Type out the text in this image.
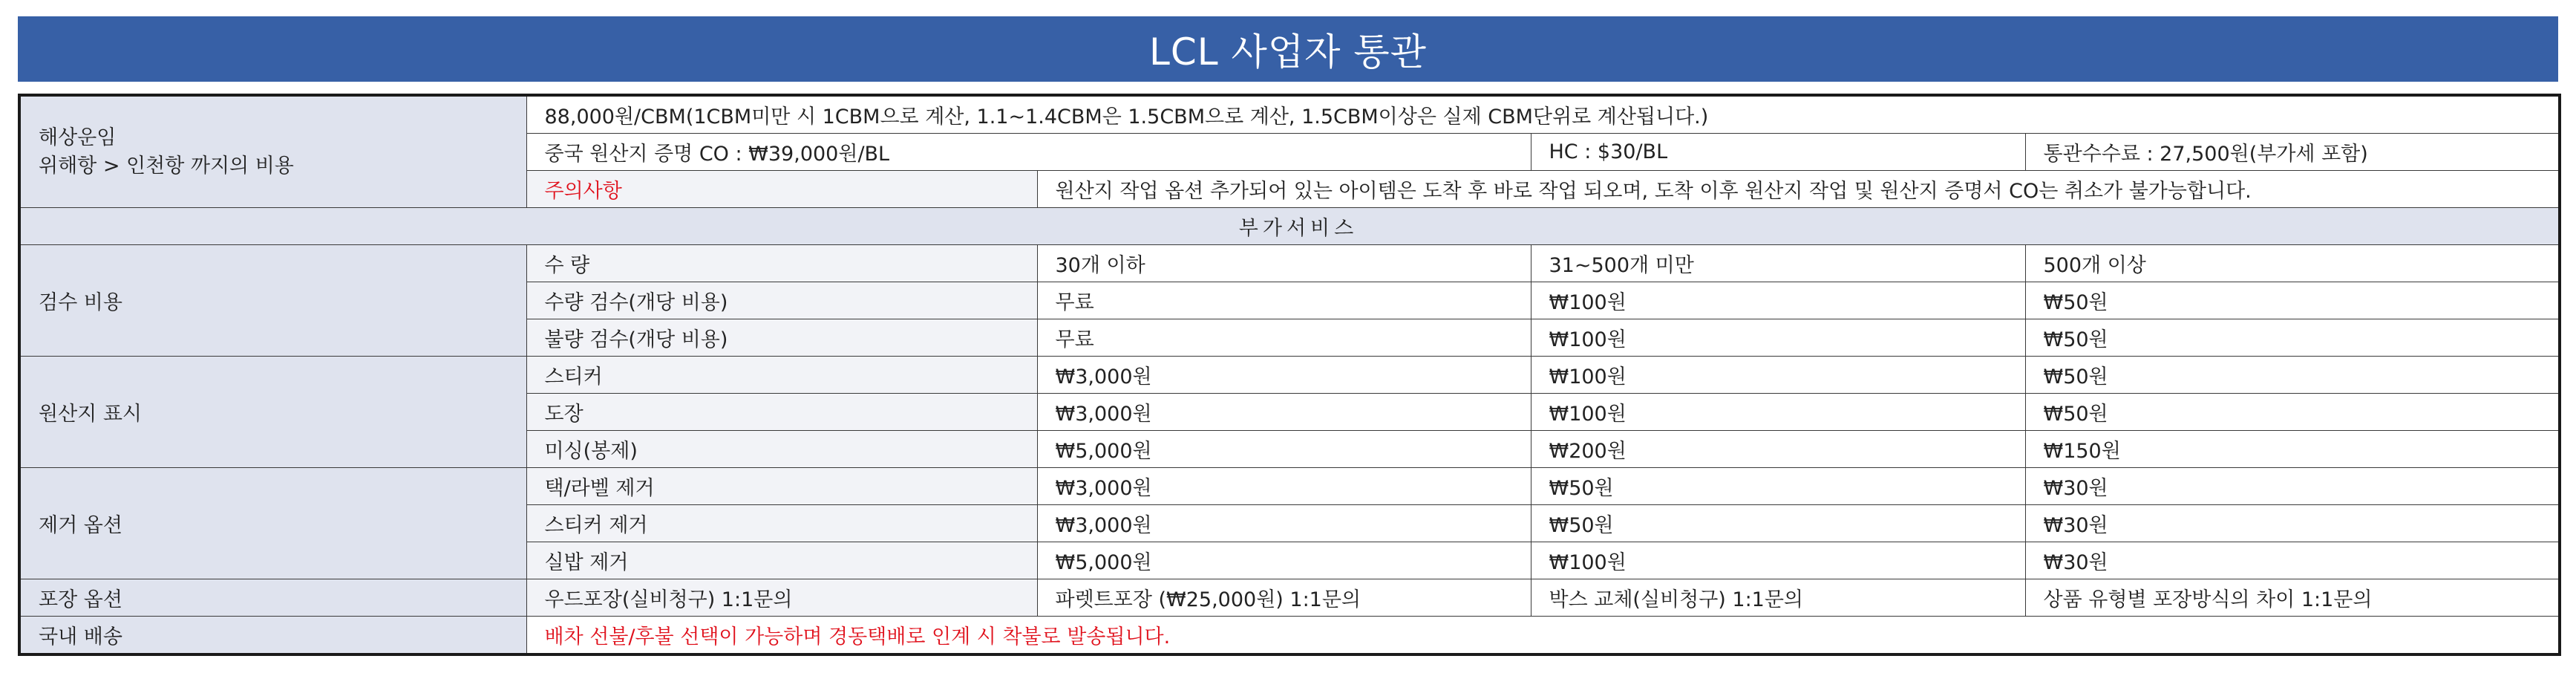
LCL 사업자 통관
해상운임
위해항 > 인천항 까지의 비용	88,000원/CBM(1CBM미만 시 1CBM으로 계산, 1.1~1.4CBM은 1.5CBM으로 계산, 1.5CBM이상은 실제 CBM단위로 계산됩니다.)			
	중국 원산지 증명 CO : ₩39,000원/BL		HC : $30/BL	통관수수료 : 27,500원(부가세 포함)
	주의사항	원산지 작업 옵션 추가되어 있는 아이템은 도착 후 바로 작업 되오며, 도착 이후 원산지 작업 및 원산지 증명서 CO는 취소가 불가능합니다.		
부가서비스				
검수 비용	수 량	30개 이하	31~500개 미만	500개 이상
	수량 검수(개당 비용)	무료	₩100원	₩50원
	불량 검수(개당 비용)	무료	₩100원	₩50원
원산지 표시	스티커	₩3,000원	₩100원	₩50원
	도장	₩3,000원	₩100원	₩50원
	미싱(봉제)	₩5,000원	₩200원	₩150원
제거 옵션	택/라벨 제거	₩3,000원	₩50원	₩30원
	스티커 제거	₩3,000원	₩50원	₩30원
	실밥 제거	₩5,000원	₩100원	₩30원
포장 옵션	우드포장(실비청구) 1:1문의	파렛트포장 (₩25,000원) 1:1문의	박스 교체(실비청구) 1:1문의	상품 유형별 포장방식의 차이 1:1문의
국내 배송	배차 선불/후불 선택이 가능하며 경동택배로 인계 시 착불로 발송됩니다.			
